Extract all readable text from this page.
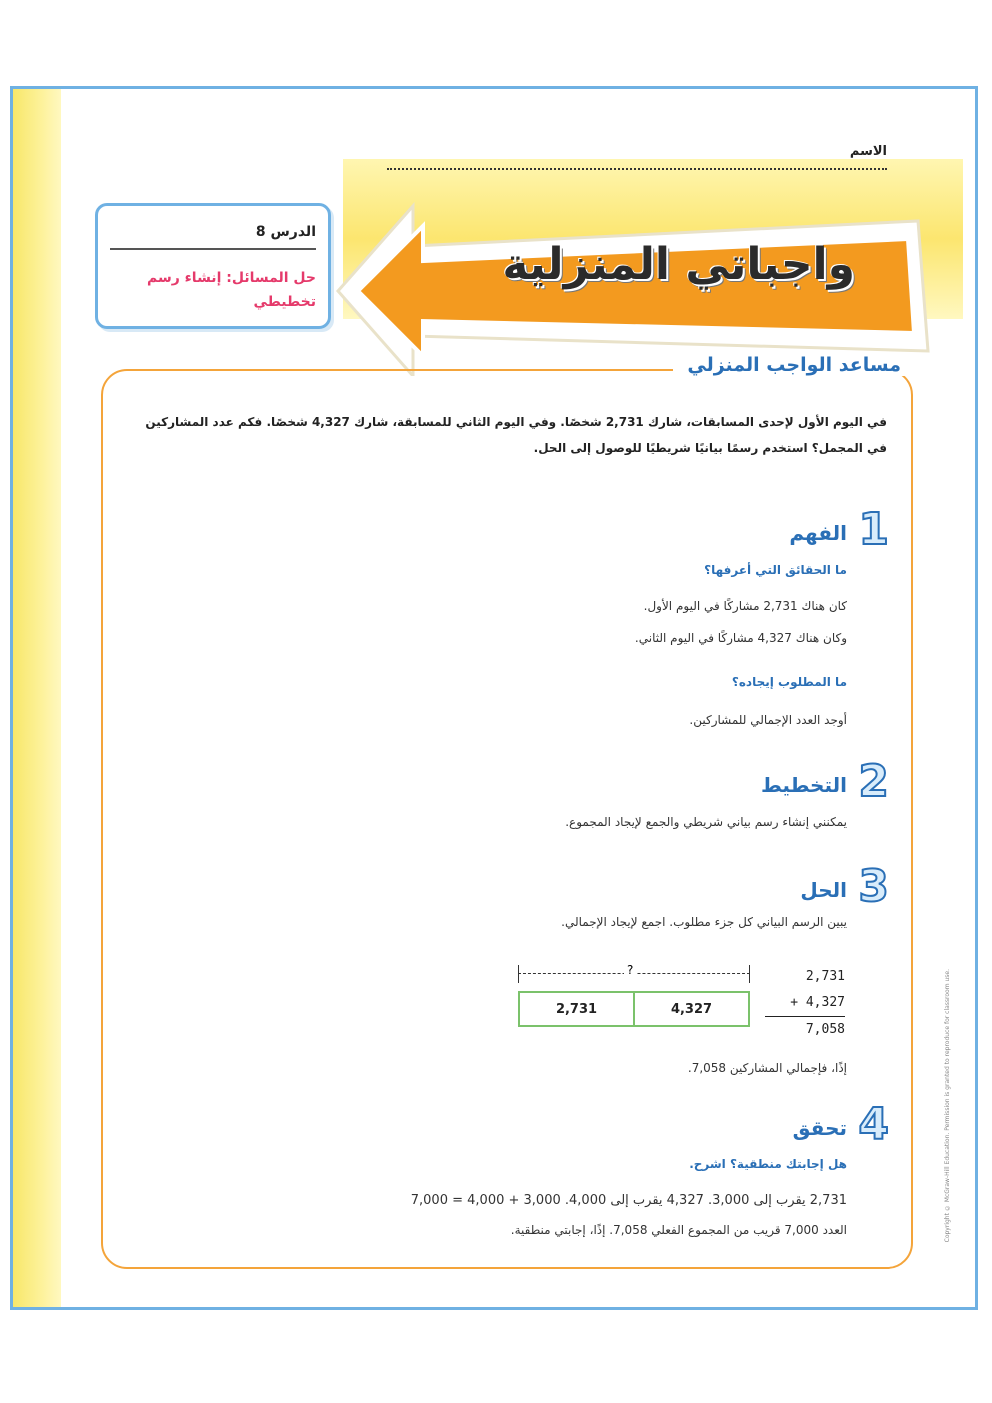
الاسم
واجباتي المنزلية
الدرس 8
حل المسائل: إنشاء رسم تخطيطي
مساعد الواجب المنزلي
في اليوم الأول لإحدى المسابقات، شارك 2,731 شخصًا. وفي اليوم الثاني للمسابقة، شارك 4,327 شخصًا. فكم عدد المشاركين في المجمل؟ استخدم رسمًا بيانيًا شريطيًا للوصول إلى الحل.
1
الفهم
ما الحقائق التي أعرفها؟
كان هناك 2,731 مشاركًا في اليوم الأول.
وكان هناك 4,327 مشاركًا في اليوم الثاني.
ما المطلوب إيجاده؟
أوجد العدد الإجمالي للمشاركين.
2
التخطيط
يمكنني إنشاء رسم بياني شريطي والجمع لإيجاد المجموع.
3
الحل
يبين الرسم البياني كل جزء مطلوب. اجمع لإيجاد الإجمالي.
?
2,731	4,327
2,731
+ 4,327
7,058
إذًا، فإجمالي المشاركين 7,058.
4
تحقق
هل إجابتك منطقية؟ اشرح.
2,731 يقرب إلى 3,000. 4,327 يقرب إلى 4,000. 3,000 + 4,000 = 7,000
العدد 7,000 قريب من المجموع الفعلي 7,058. إذًا، إجابتي منطقية.	Copyright © McGraw-Hill Education. Permission is granted to reproduce for classroom use.
